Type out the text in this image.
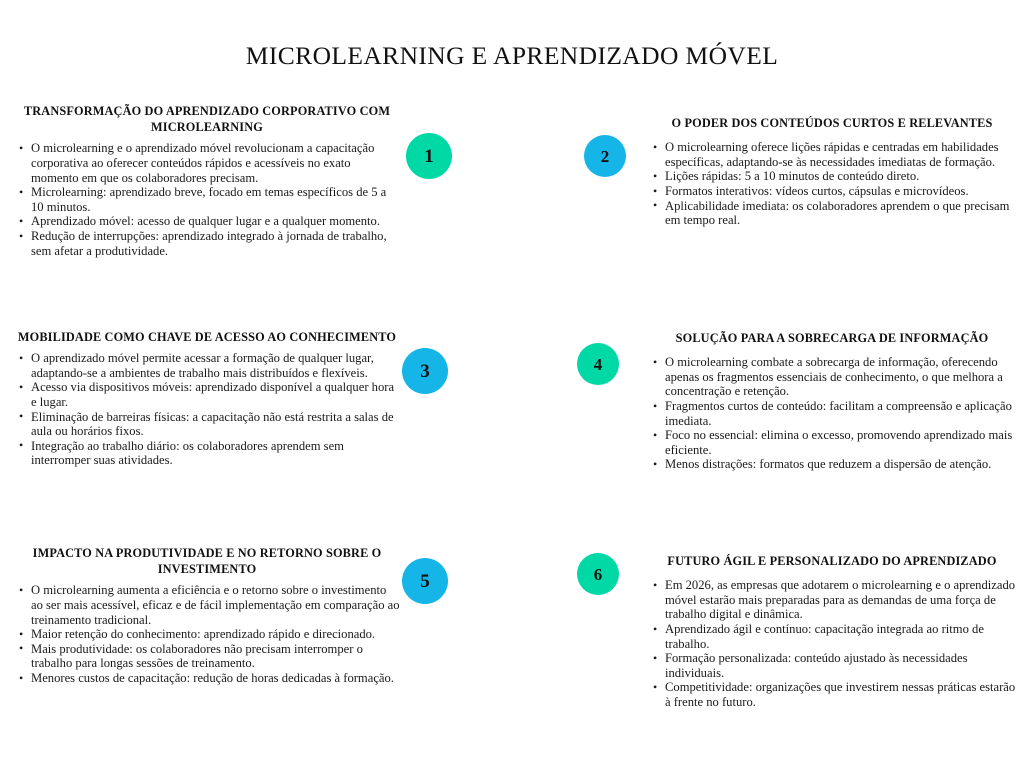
MICROLEARNING E APRENDIZADO MÓVEL
TRANSFORMAÇÃO DO APRENDIZADO CORPORATIVO COM MICROLEARNING
• O microlearning e o aprendizado móvel revolucionam a capacitação corporativa ao oferecer conteúdos rápidos e acessíveis no exato momento em que os colaboradores precisam.
• Microlearning: aprendizado breve, focado em temas específicos de 5 a 10 minutos.
• Aprendizado móvel: acesso de qualquer lugar e a qualquer momento.
• Redução de interrupções: aprendizado integrado à jornada de trabalho, sem afetar a produtividade.
O PODER DOS CONTEÚDOS CURTOS E RELEVANTES
• O microlearning oferece lições rápidas e centradas em habilidades específicas, adaptando-se às necessidades imediatas de formação.
• Lições rápidas: 5 a 10 minutos de conteúdo direto.
• Formatos interativos: vídeos curtos, cápsulas e microvídeos.
• Aplicabilidade imediata: os colaboradores aprendem o que precisam em tempo real.
MOBILIDADE COMO CHAVE DE ACESSO AO CONHECIMENTO
• O aprendizado móvel permite acessar a formação de qualquer lugar, adaptando-se a ambientes de trabalho mais distribuídos e flexíveis.
• Acesso via dispositivos móveis: aprendizado disponível a qualquer hora e lugar.
• Eliminação de barreiras físicas: a capacitação não está restrita a salas de aula ou horários fixos.
• Integração ao trabalho diário: os colaboradores aprendem sem interromper suas atividades.
SOLUÇÃO PARA A SOBRECARGA DE INFORMAÇÃO
• O microlearning combate a sobrecarga de informação, oferecendo apenas os fragmentos essenciais de conhecimento, o que melhora a concentração e retenção.
• Fragmentos curtos de conteúdo: facilitam a compreensão e aplicação imediata.
• Foco no essencial: elimina o excesso, promovendo aprendizado mais eficiente.
• Menos distrações: formatos que reduzem a dispersão de atenção.
IMPACTO NA PRODUTIVIDADE E NO RETORNO SOBRE O INVESTIMENTO
• O microlearning aumenta a eficiência e o retorno sobre o investimento ao ser mais acessível, eficaz e de fácil implementação em comparação ao treinamento tradicional.
• Maior retenção do conhecimento: aprendizado rápido e direcionado.
• Mais produtividade: os colaboradores não precisam interromper o trabalho para longas sessões de treinamento.
• Menores custos de capacitação: redução de horas dedicadas à formação.
FUTURO ÁGIL E PERSONALIZADO DO APRENDIZADO
• Em 2026, as empresas que adotarem o microlearning e o aprendizado móvel estarão mais preparadas para as demandas de uma força de trabalho digital e dinâmica.
• Aprendizado ágil e contínuo: capacitação integrada ao ritmo de trabalho.
• Formação personalizada: conteúdo ajustado às necessidades individuais.
• Competitividade: organizações que investirem nessas práticas estarão à frente no futuro.
1	2
3	4
5	6
